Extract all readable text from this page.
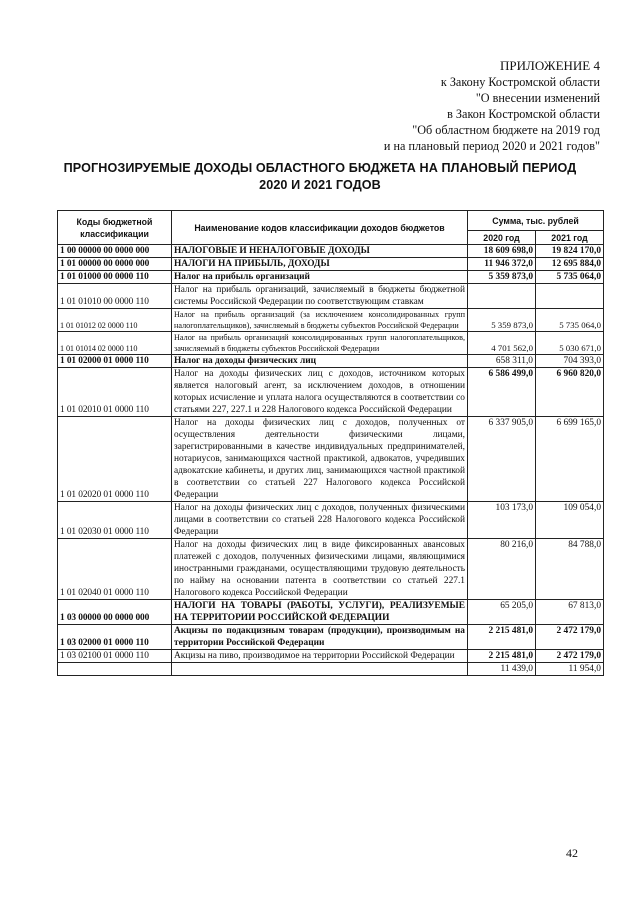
ПРИЛОЖЕНИЕ 4
к Закону Костромской области
"О внесении изменений
в Закон Костромской области
"Об областном бюджете на 2019 год
и на плановый период 2020 и 2021 годов"
ПРОГНОЗИРУЕМЫЕ ДОХОДЫ ОБЛАСТНОГО БЮДЖЕТА НА ПЛАНОВЫЙ ПЕРИОД
2020 И 2021 ГОДОВ
Коды бюджетной классификации	Наименование кодов классификации доходов бюджетов	Сумма, тыс. рублей	
		2020 год	2021 год
1 00 00000 00 0000 000	НАЛОГОВЫЕ И НЕНАЛОГОВЫЕ ДОХОДЫ	18 609 698,0	19 824 170,0
1 01 00000 00 0000 000	НАЛОГИ НА ПРИБЫЛЬ, ДОХОДЫ	11 946 372,0	12 695 884,0
1 01 01000 00 0000 110	Налог на прибыль организаций	5 359 873,0	5 735 064,0
1 01 01010 00 0000 110	Налог на прибыль организаций, зачисляемый в бюджеты бюджетной системы Российской Федерации по соответствующим ставкам		
1 01 01012 02 0000 110	Налог на прибыль организаций (за исключением консолидированных групп налогоплательщиков), зачисляемый в бюджеты субъектов Российской Федерации	5 359 873,0	5 735 064,0
1 01 01014 02 0000 110	Налог на прибыль организаций консолидированных групп налогоплательщиков, зачисляемый в бюджеты субъектов Российской Федерации	4 701 562,0	5 030 671,0
1 01 02000 01 0000 110	Налог на доходы физических лиц	658 311,0	704 393,0
1 01 02010 01 0000 110	Налог на доходы физических лиц с доходов, источником которых является налоговый агент, за исключением доходов, в отношении которых исчисление и уплата налога осуществляются в соответствии со статьями 227, 227.1 и 228 Налогового кодекса Российской Федерации	6 586 499,0	6 960 820,0
1 01 02020 01 0000 110	Налог на доходы физических лиц с доходов, полученных от осуществления деятельности физическими лицами, зарегистрированными в качестве индивидуальных предпринимателей, нотариусов, занимающихся частной практикой, адвокатов, учредивших адвокатские кабинеты, и других лиц, занимающихся частной практикой в соответствии со статьей 227 Налогового кодекса Российской Федерации	6 337 905,0	6 699 165,0
1 01 02030 01 0000 110	Налог на доходы физических лиц с доходов, полученных физическими лицами в соответствии со статьей 228 Налогового кодекса Российской Федерации	103 173,0	109 054,0
1 01 02040 01 0000 110	Налог на доходы физических лиц в виде фиксированных авансовых платежей с доходов, полученных физическими лицами, являющимися иностранными гражданами, осуществляющими трудовую деятельность по найму на основании патента в соответствии со статьей 227.1 Налогового кодекса Российской Федерации	80 216,0	84 788,0
1 03 00000 00 0000 000	НАЛОГИ НА ТОВАРЫ (РАБОТЫ, УСЛУГИ), РЕАЛИЗУЕМЫЕ НА ТЕРРИТОРИИ РОССИЙСКОЙ ФЕДЕРАЦИИ	65 205,0	67 813,0
1 03 02000 01 0000 110	Акцизы по подакцизным товарам (продукции), производимым на территории Российской Федерации	2 215 481,0	2 472 179,0
1 03 02100 01 0000 110	Акцизы на пиво, производимое на территории Российской Федерации	2 215 481,0	2 472 179,0
		11 439,0	11 954,0
42
